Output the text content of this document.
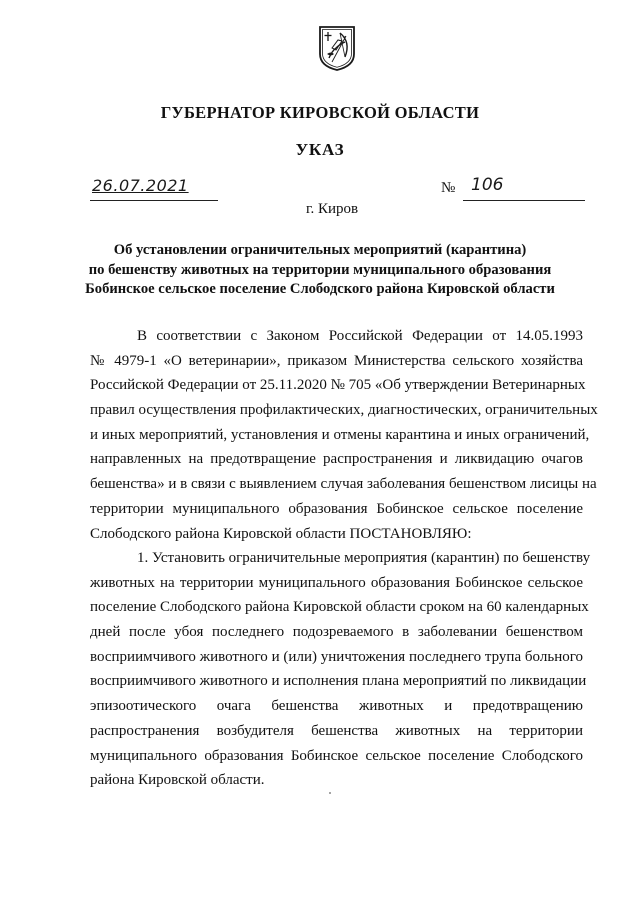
ГУБЕРНАТОР КИРОВСКОЙ ОБЛАСТИ
УКАЗ
26.07.2021	№ 106
г. Киров
Об установлении ограничительных мероприятий (карантина)
по бешенству животных на территории муниципального образования
Бобинское сельское поселение Слободского района Кировской области
В соответствии с Законом Российской Федерации от 14.05.1993
№ 4979-1 «О ветеринарии», приказом Министерства сельского хозяйства
Российской Федерации от 25.11.2020 № 705 «Об утверждении Ветеринарных
правил осуществления профилактических, диагностических, ограничительных
и иных мероприятий, установления и отмены карантина и иных ограничений,
направленных на предотвращение распространения и ликвидацию очагов
бешенства» и в связи с выявлением случая заболевания бешенством лисицы на
территории муниципального образования Бобинское сельское поселение
Слободского района Кировской области ПОСТАНОВЛЯЮ:
1. Установить ограничительные мероприятия (карантин) по бешенству
животных на территории муниципального образования Бобинское сельское
поселение Слободского района Кировской области сроком на 60 календарных
дней после убоя последнего подозреваемого в заболевании бешенством
восприимчивого животного и (или) уничтожения последнего трупа больного
восприимчивого животного и исполнения плана мероприятий по ликвидации
эпизоотического очага бешенства животных и предотвращению
распространения возбудителя бешенства животных на территории
муниципального образования Бобинское сельское поселение Слободского
района Кировской области.
